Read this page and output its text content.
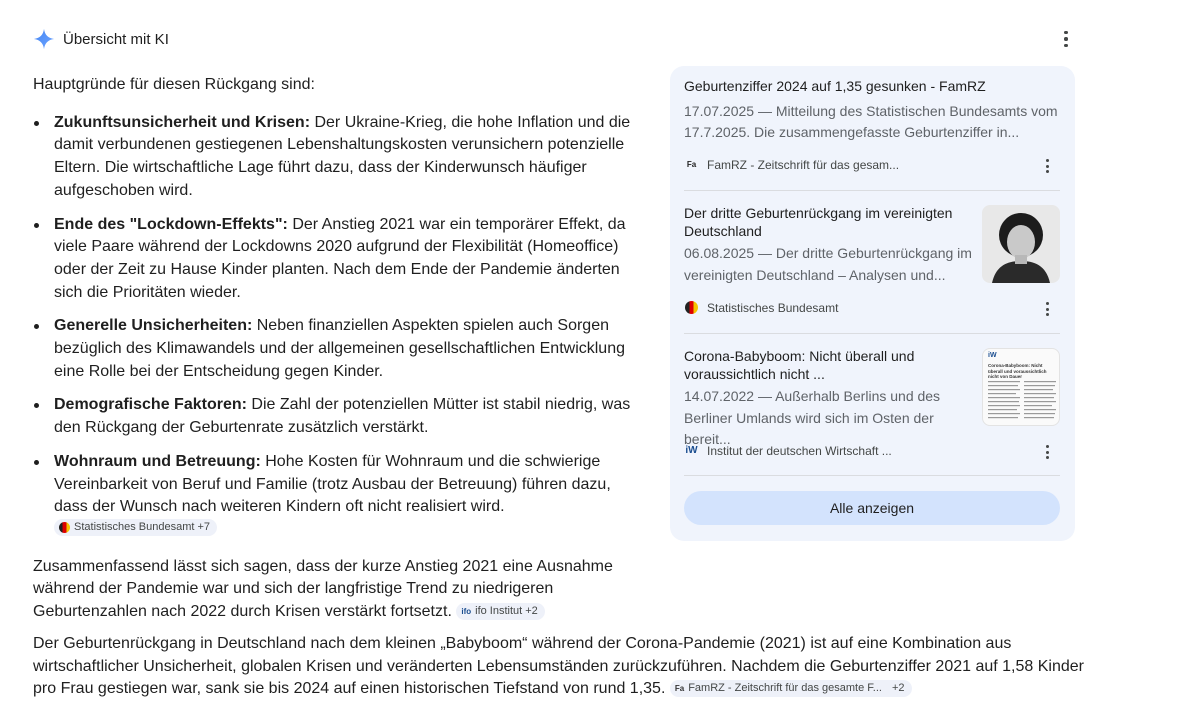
Übersicht mit KI

Hauptgründe für diesen Rückgang sind:

Zukunftsunsicherheit und Krisen: Der Ukraine-Krieg, die hohe Inflation und die damit verbundenen gestiegenen Lebenshaltungskosten verunsichern potenzielle Eltern. Die wirtschaftliche Lage führt dazu, dass der Kinderwunsch häufiger aufgeschoben wird.
Ende des "Lockdown-Effekts": Der Anstieg 2021 war ein temporärer Effekt, da viele Paare während der Lockdowns 2020 aufgrund der Flexibilität (Homeoffice) oder der Zeit zu Hause Kinder planten. Nach dem Ende der Pandemie änderten sich die Prioritäten wieder.
Generelle Unsicherheiten: Neben finanziellen Aspekten spielen auch Sorgen bezüglich des Klimawandels und der allgemeinen gesellschaftlichen Entwicklung eine Rolle bei der Entscheidung gegen Kinder.
Demografische Faktoren: Die Zahl der potenziellen Mütter ist stabil niedrig, was den Rückgang der Geburtenrate zusätzlich verstärkt.
Wohnraum und Betreuung: Hohe Kosten für Wohnraum und die schwierige Vereinbarkeit von Beruf und Familie (trotz Ausbau der Betreuung) führen dazu, dass der Wunsch nach weiteren Kindern oft nicht realisiert wird.
Statistisches Bundesamt +7

Zusammenfassend lässt sich sagen, dass der kurze Anstieg 2021 eine Ausnahme während der Pandemie war und sich der langfristige Trend zu niedrigeren Geburtenzahlen nach 2022 durch Krisen verstärkt fortsetzt. ifo ifo Institut +2

Der Geburtenrückgang in Deutschland nach dem kleinen „Babyboom“ während der Corona-Pandemie (2021) ist auf eine Kombination aus wirtschaftlicher Unsicherheit, globalen Krisen und veränderten Lebensumständen zurückzuführen. Nachdem die Geburtenziffer 2021 auf 1,58 Kinder pro Frau gestiegen war, sank sie bis 2024 auf einen historischen Tiefstand von rund 1,35. Fa FamRZ - Zeitschrift für das gesamte F... +2

Geburtenziffer 2024 auf 1,35 gesunken - FamRZ
17.07.2025 — Mitteilung des Statistischen Bundesamts vom 17.7.2025. Die zusammengefasste Geburtenziffer in...
Fa FamRZ - Zeitschrift für das gesam...
Der dritte Geburtenrückgang im vereinigten Deutschland
06.08.2025 — Der dritte Geburtenrückgang im vereinigten Deutschland – Analysen und...
Statistisches Bundesamt
Corona-Babyboom: Nicht überall und voraussichtlich nicht ...
14.07.2022 — Außerhalb Berlins und des Berliner Umlands wird sich im Osten der bereit...
iW
Corona-Babyboom: Nicht überall und voraussichtlich nicht von Dauer
iW Institut der deutschen Wirtschaft ...
Alle anzeigen
